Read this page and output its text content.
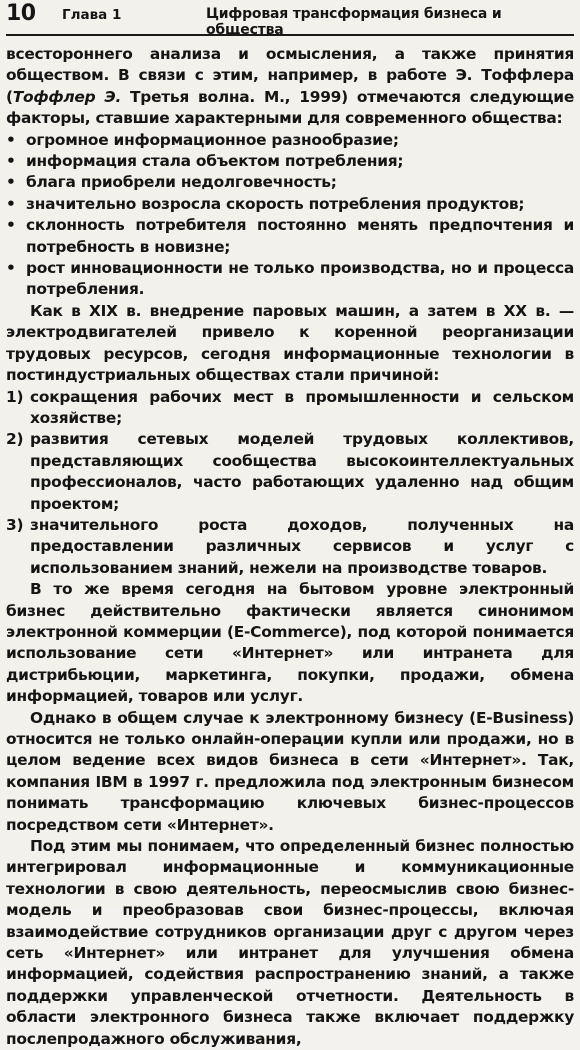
10 Глава 1	Цифровая трансформация бизнеса и общества

всестороннего анализа и осмысления, а также принятия обществом. В связи с этим, например, в работе Э. Тоффлера (Тоффлер Э. Третья волна. М., 1999) отмечаются следующие факторы, ставшие характерными для современного общества:

• огромное информационное разнообразие;
• информация стала объектом потребления;
• блага приобрели недолговечность;
• значительно возросла скорость потребления продуктов;
• склонность потребителя постоянно менять предпочтения и потребность в новизне;
• рост инновационности не только производства, но и процесса потребления.

Как в XIX в. внедрение паровых машин, а затем в XX в. — электродвигателей привело к коренной реорганизации трудовых ресурсов, сегодня информационные технологии в постиндустриальных обществах стали причиной:

1) сокращения рабочих мест в промышленности и сельском хозяйстве;
2) развития сетевых моделей трудовых коллективов, представляющих сообщества высокоинтеллектуальных профессионалов, часто работающих удаленно над общим проектом;
3) значительного роста доходов, полученных на предоставлении различных сервисов и услуг с использованием знаний, нежели на производстве товаров.

В то же время сегодня на бытовом уровне электронный бизнес действительно фактически является синонимом электронной коммерции (E-Commerce), под которой понимается использование сети «Интернет» или интранета для дистрибьюции, маркетинга, покупки, продажи, обмена информацией, товаров или услуг.

Однако в общем случае к электронному бизнесу (E-Business) относится не только онлайн-операции купли или продажи, но в целом ведение всех видов бизнеса в сети «Интернет». Так, компания IBM в 1997 г. предложила под электронным бизнесом понимать трансформацию ключевых бизнес-процессов посредством сети «Интернет».

Под этим мы понимаем, что определенный бизнес полностью интегрировал информационные и коммуникационные технологии в свою деятельность, переосмыслив свою бизнес-модель и преобразовав свои бизнес-процессы, включая взаимодействие сотрудников организации друг с другом через сеть «Интернет» или интранет для улучшения обмена информацией, содействия распространению знаний, а также поддержки управленческой отчетности. Деятельность в области электронного бизнеса также включает поддержку послепродажного обслуживания,
